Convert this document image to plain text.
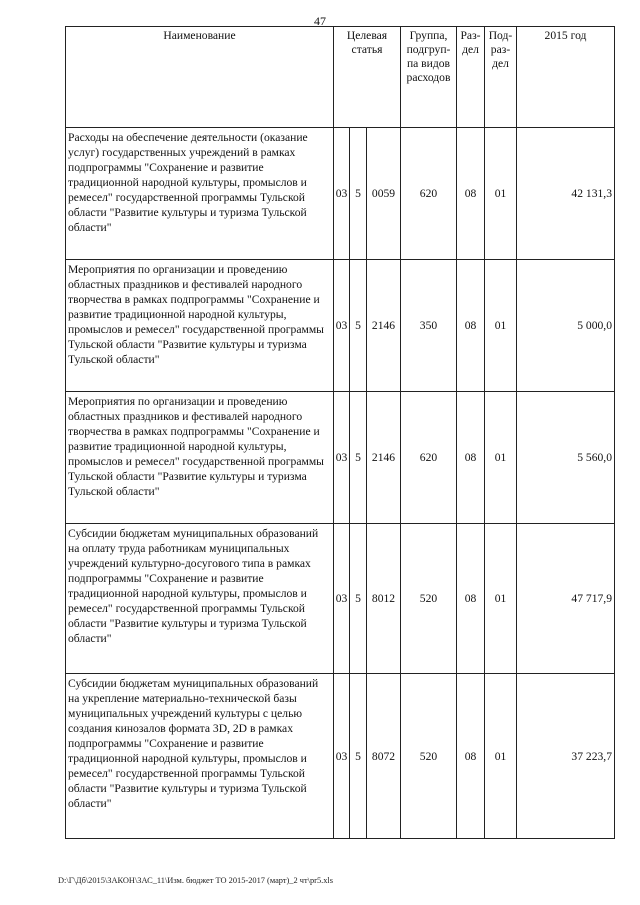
47
Наименование	Целевая статья			Группа, подгруп-па видов расходов	Раз-дел	Под-раз-дел	2015 год
Расходы на обеспечение деятельности (оказание услуг) государственных учреждений в рамках подпрограммы "Сохранение и развитие традиционной народной культуры, промыслов и ремесел" государственной программы Тульской области "Развитие культуры и туризма Тульской области"	03	5	0059	620	08	01	42 131,3
Мероприятия по организации и проведению областных праздников и фестивалей народного творчества в рамках подпрограммы "Сохранение и развитие традиционной народной культуры, промыслов и ремесел" государственной программы Тульской области "Развитие культуры и туризма Тульской области"	03	5	2146	350	08	01	5 000,0
Мероприятия по организации и проведению областных праздников и фестивалей народного творчества в рамках подпрограммы "Сохранение и развитие традиционной народной культуры, промыслов и ремесел" государственной программы Тульской области "Развитие культуры и туризма Тульской области"	03	5	2146	620	08	01	5 560,0
Субсидии бюджетам муниципальных образований на оплату труда работникам муниципальных учреждений культурно-досугового типа в рамках подпрограммы "Сохранение и развитие традиционной народной культуры, промыслов и ремесел" государственной программы Тульской области "Развитие культуры и туризма Тульской области"	03	5	8012	520	08	01	47 717,9
Субсидии бюджетам муниципальных образований на укрепление материально-технической базы муниципальных учреждений культуры с целью создания кинозалов формата 3D, 2D в рамках подпрограммы "Сохранение и развитие традиционной народной культуры, промыслов и ремесел" государственной программы Тульской области "Развитие культуры и туризма Тульской области"	03	5	8072	520	08	01	37 223,7
D:\Г\Дб\2015\ЗАКОН\ЗАС_11\Изм. бюджет ТО 2015-2017 (март)_2 чт\pr5.xls
